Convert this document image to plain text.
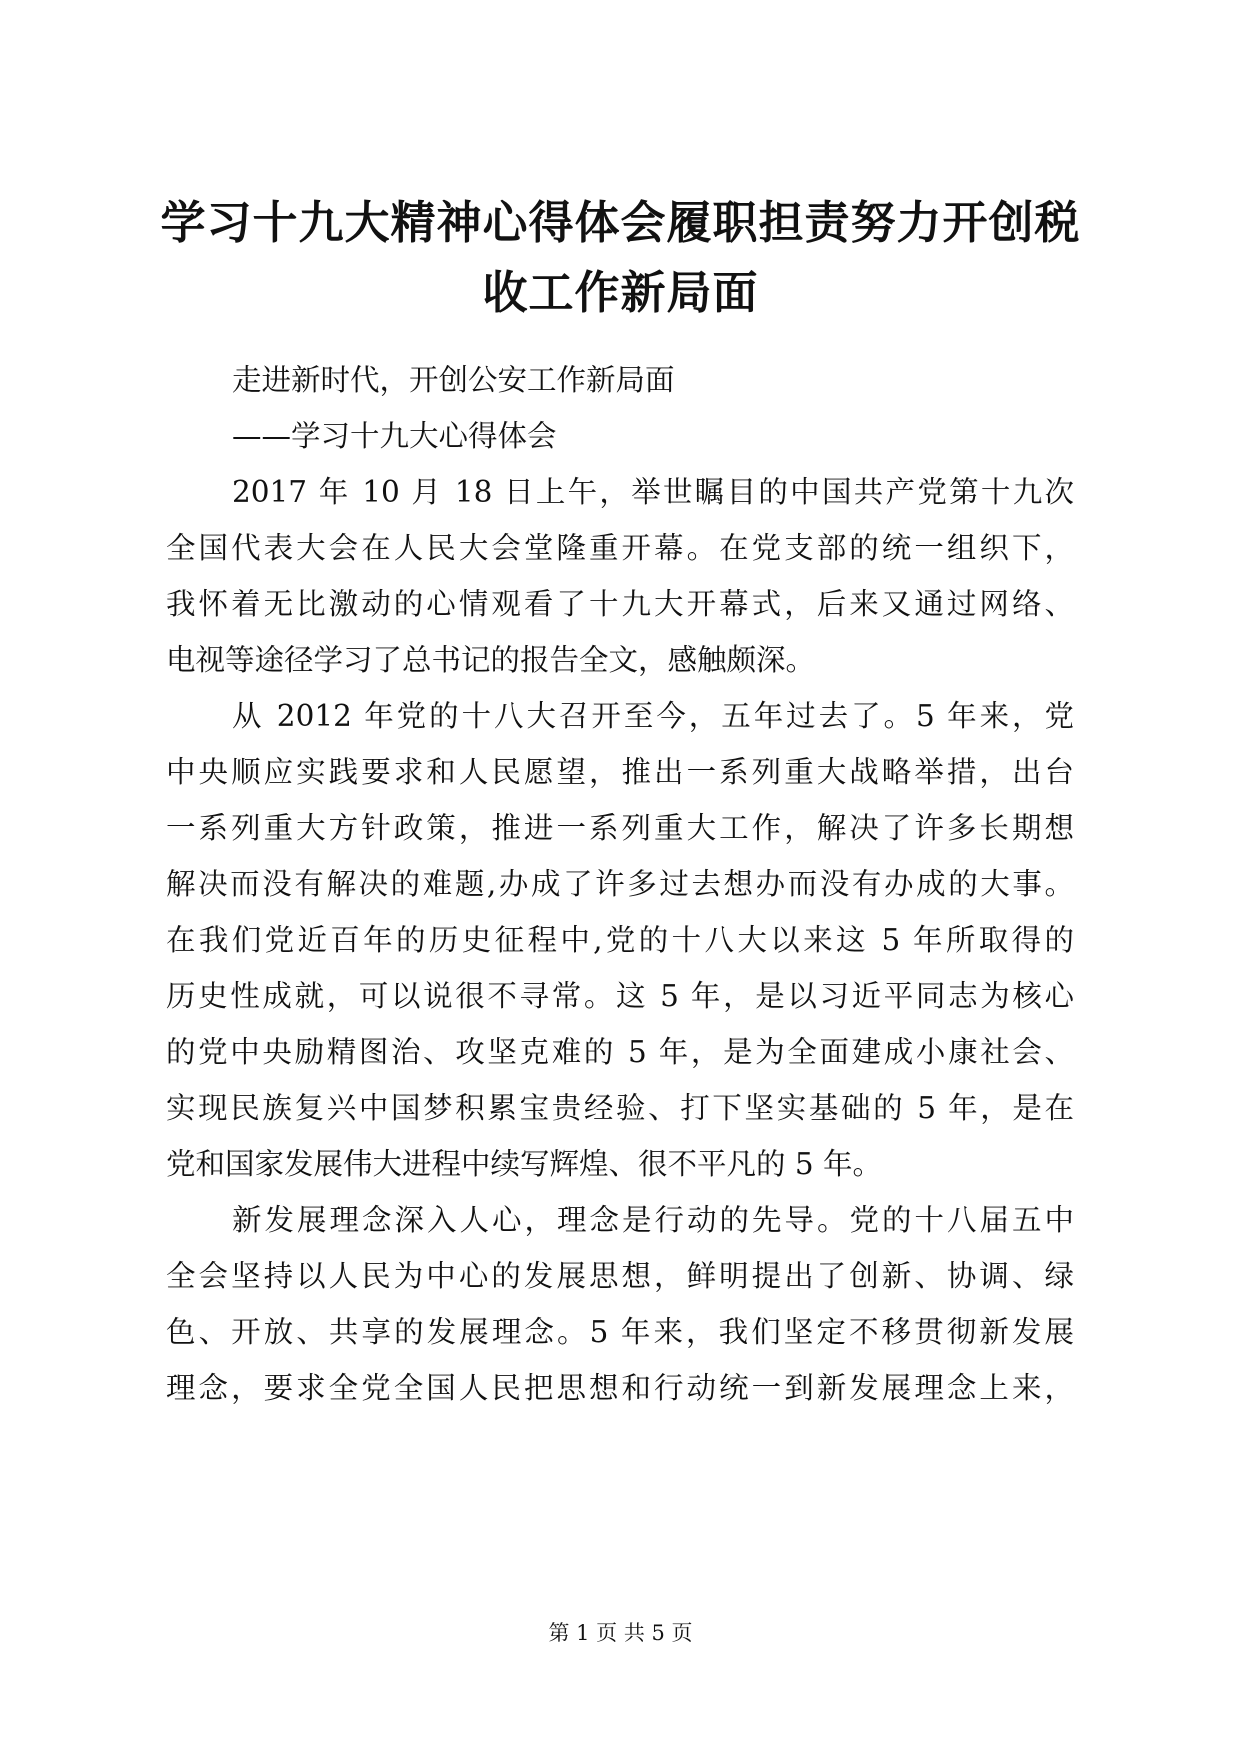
学习十九大精神心得体会履职担责努力开创税
收工作新局面
走进新时代，开创公安工作新局面
——学习十九大心得体会
2017 年 10 月 18 日上午，举世瞩目的中国共产党第十九次
全国代表大会在人民大会堂隆重开幕。在党支部的统一组织下，
我怀着无比激动的心情观看了十九大开幕式，后来又通过网络、
电视等途径学习了总书记的报告全文，感触颇深。
从 2012 年党的十八大召开至今，五年过去了。5 年来，党
中央顺应实践要求和人民愿望，推出一系列重大战略举措，出台
一系列重大方针政策，推进一系列重大工作，解决了许多长期想
解决而没有解决的难题,办成了许多过去想办而没有办成的大事。
在我们党近百年的历史征程中,党的十八大以来这 5 年所取得的
历史性成就，可以说很不寻常。这 5 年，是以习近平同志为核心
的党中央励精图治、攻坚克难的 5 年，是为全面建成小康社会、
实现民族复兴中国梦积累宝贵经验、打下坚实基础的 5 年，是在
党和国家发展伟大进程中续写辉煌、很不平凡的 5 年。
新发展理念深入人心，理念是行动的先导。党的十八届五中
全会坚持以人民为中心的发展思想，鲜明提出了创新、协调、绿
色、开放、共享的发展理念。5 年来，我们坚定不移贯彻新发展
理念，要求全党全国人民把思想和行动统一到新发展理念上来，
第 1 页 共 5 页
